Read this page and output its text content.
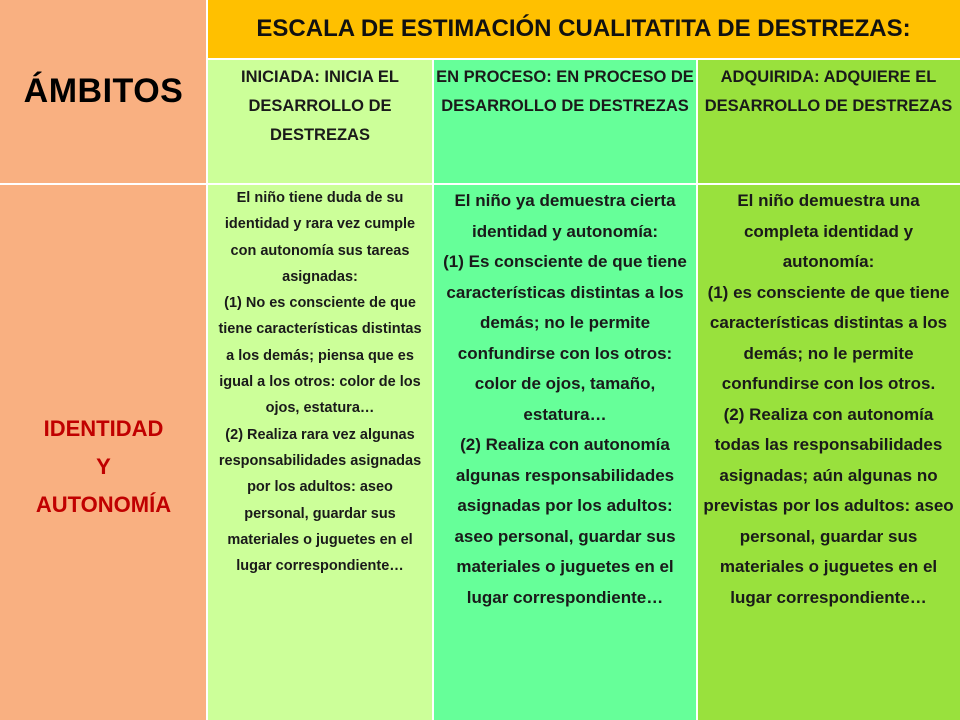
ÁMBITOS
ESCALA DE ESTIMACIÓN CUALITATITA DE DESTREZAS:
INICIADA: INICIA EL DESARROLLO DE DESTREZAS
EN PROCESO: EN PROCESO DE DESARROLLO DE DESTREZAS
ADQUIRIDA: ADQUIERE EL DESARROLLO DE DESTREZAS
IDENTIDAD
Y
AUTONOMÍA

El niño tiene duda de su identidad y rara vez cumple con autonomía sus tareas asignadas:

(1) No es consciente de que tiene características distintas a los demás; piensa que es igual a los otros: color de los ojos, estatura…

(2) Realiza rara vez algunas responsabilidades asignadas por los adultos: aseo personal, guardar sus materiales o juguetes en el lugar correspondiente…

El niño ya demuestra cierta identidad y autonomía:

(1) Es consciente de que tiene características distintas a los demás; no le permite confundirse con los otros: color de ojos, tamaño, estatura…

(2) Realiza con autonomía algunas responsabilidades asignadas por los adultos: aseo personal, guardar sus materiales o juguetes en el lugar correspondiente…

El niño demuestra una completa identidad y autonomía:

(1) es consciente de que tiene características distintas a los demás; no le permite confundirse con los otros.

(2) Realiza con autonomía todas las responsabilidades asignadas; aún algunas no previstas por los adultos: aseo personal, guardar sus materiales o juguetes en el lugar correspondiente…
